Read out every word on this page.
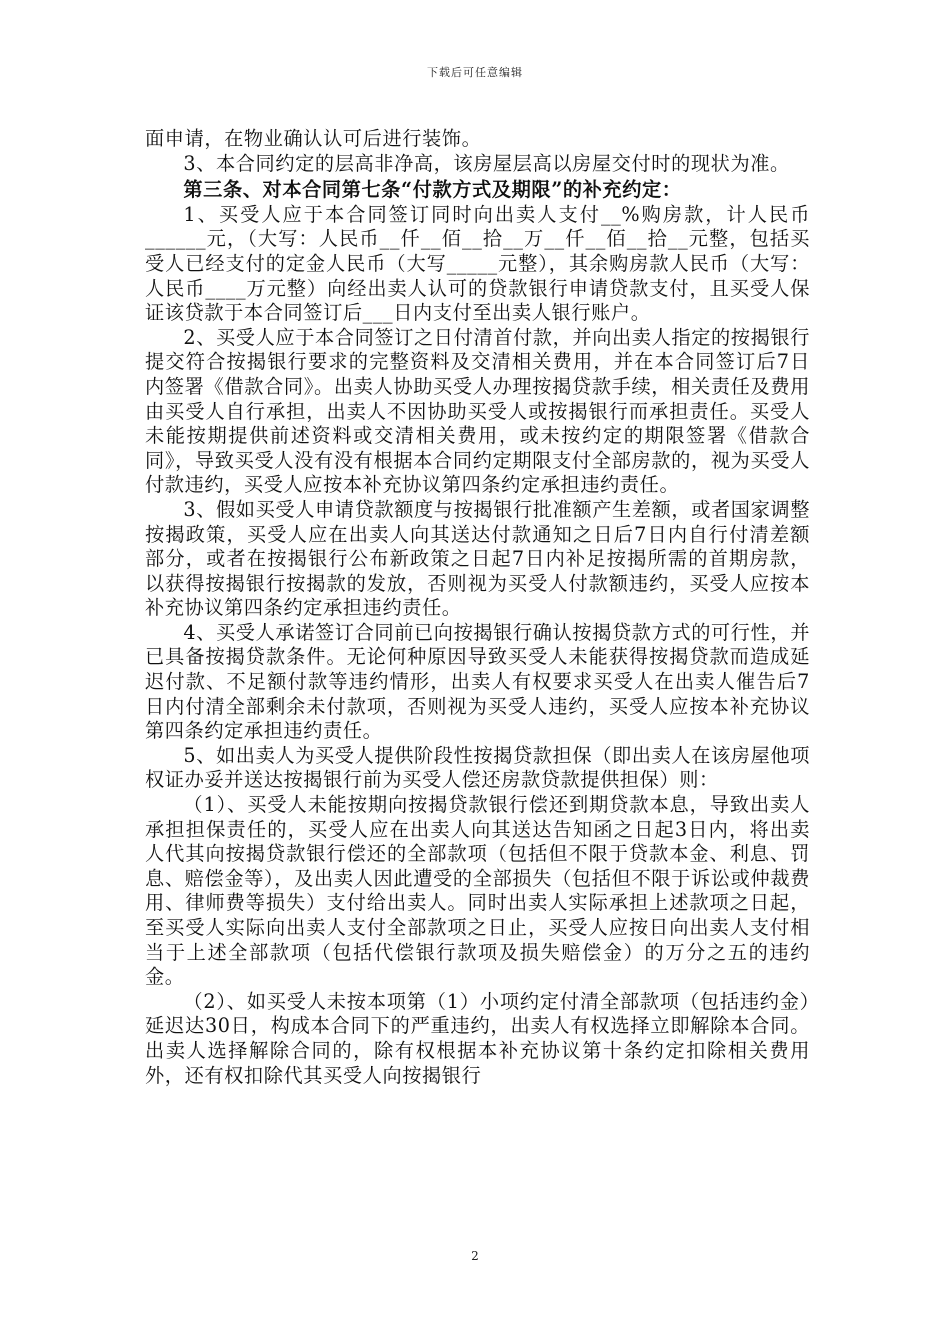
下载后可任意编辑

面申请，在物业确认认可后进行装饰。

3、本合同约定的层高非净高，该房屋层高以房屋交付时的现状为准。

第三条、对本合同第七条“付款方式及期限”的补充约定：

1、买受人应于本合同签订同时向出卖人支付__%购房款，计人民币______元，（大写：人民币__仟__佰__拾__万__仟__佰__拾__元整，包括买受人已经支付的定金人民币（大写_____元整），其余购房款人民币（大写：人民币____万元整）向经出卖人认可的贷款银行申请贷款支付，且买受人保证该贷款于本合同签订后___日内支付至出卖人银行账户。

2、买受人应于本合同签订之日付清首付款，并向出卖人指定的按揭银行提交符合按揭银行要求的完整资料及交清相关费用，并在本合同签订后7日内签署《借款合同》。出卖人协助买受人办理按揭贷款手续，相关责任及费用由买受人自行承担，出卖人不因协助买受人或按揭银行而承担责任。买受人未能按期提供前述资料或交清相关费用，或未按约定的期限签署《借款合同》，导致买受人没有没有根据本合同约定期限支付全部房款的，视为买受人付款违约，买受人应按本补充协议第四条约定承担违约责任。

3、假如买受人申请贷款额度与按揭银行批准额产生差额，或者国家调整按揭政策，买受人应在出卖人向其送达付款通知之日后7日内自行付清差额部分，或者在按揭银行公布新政策之日起7日内补足按揭所需的首期房款，以获得按揭银行按揭款的发放，否则视为买受人付款额违约，买受人应按本补充协议第四条约定承担违约责任。

4、买受人承诺签订合同前已向按揭银行确认按揭贷款方式的可行性，并已具备按揭贷款条件。无论何种原因导致买受人未能获得按揭贷款而造成延迟付款、不足额付款等违约情形，出卖人有权要求买受人在出卖人催告后7日内付清全部剩余未付款项，否则视为买受人违约，买受人应按本补充协议第四条约定承担违约责任。

5、如出卖人为买受人提供阶段性按揭贷款担保（即出卖人在该房屋他项权证办妥并送达按揭银行前为买受人偿还房款贷款提供担保）则：

（1）、买受人未能按期向按揭贷款银行偿还到期贷款本息，导致出卖人承担担保责任的，买受人应在出卖人向其送达告知函之日起3日内，将出卖人代其向按揭贷款银行偿还的全部款项（包括但不限于贷款本金、利息、罚息、赔偿金等），及出卖人因此遭受的全部损失（包括但不限于诉讼或仲裁费用、律师费等损失）支付给出卖人。同时出卖人实际承担上述款项之日起，至买受人实际向出卖人支付全部款项之日止，买受人应按日向出卖人支付相当于上述全部款项（包括代偿银行款项及损失赔偿金）的万分之五的违约金。

（2）、如买受人未按本项第（1）小项约定付清全部款项（包括违约金）延迟达30日，构成本合同下的严重违约，出卖人有权选择立即解除本合同。出卖人选择解除合同的，除有权根据本补充协议第十条约定扣除相关费用外，还有权扣除代其买受人向按揭银行

2
